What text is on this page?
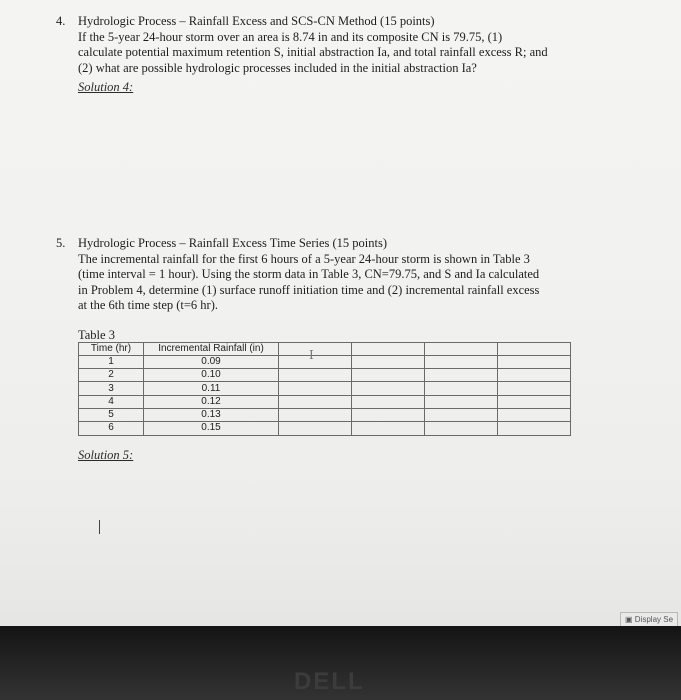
4. Hydrologic Process – Rainfall Excess and SCS-CN Method (15 points)

If the 5-year 24-hour storm over an area is 8.74 in and its composite CN is 79.75, (1)

calculate potential maximum retention S, initial abstraction Ia, and total rainfall excess R; and

(2) what are possible hydrologic processes included in the initial abstraction Ia?

Solution 4:
5. Hydrologic Process – Rainfall Excess Time Series (15 points)

The incremental rainfall for the first 6 hours of a 5-year 24-hour storm is shown in Table 3

(time interval = 1 hour). Using the storm data in Table 3, CN=79.75, and S and Ia calculated

in Problem 4, determine (1) surface runoff initiation time and (2) incremental rainfall excess

at the 6th time step (t=6 hr).

Table 3
Time (hr)	Incremental Rainfall (in)				
1	0.09				
2	0.10				
3	0.11				
4	0.12				
5	0.13				
6	0.15				
Solution 5:
I
▣ Display Se
DELL
